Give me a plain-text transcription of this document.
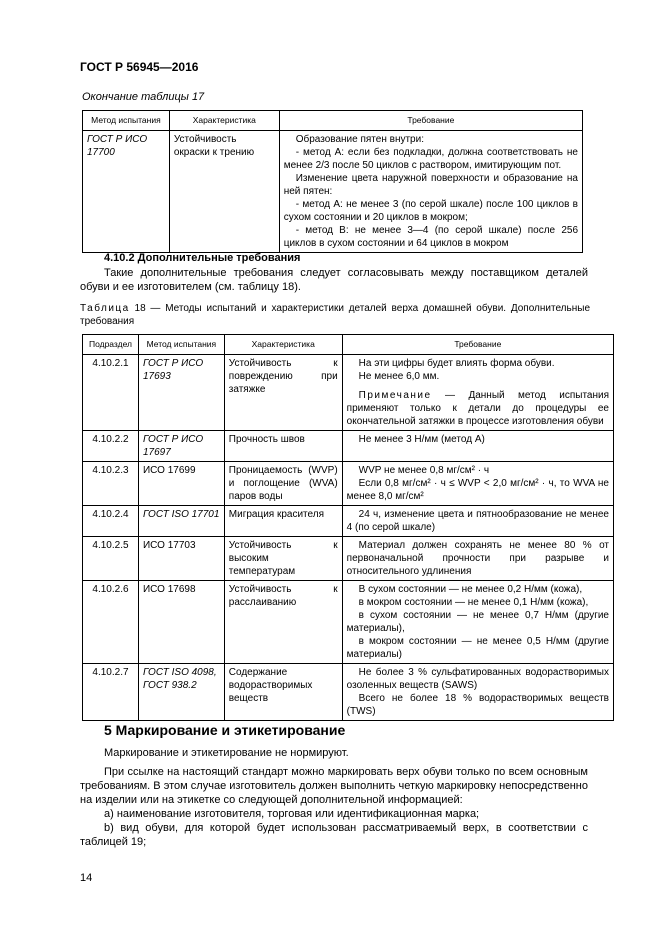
ГОСТ Р 56945—2016
Окончание таблицы 17
Метод испытания	Характеристика	Требование
ГОСТ Р ИСО 17700	Устойчивость окраски к трению	Образование пятен внутри:

- метод А: если без подкладки, должна соответствовать не менее 2/3 после 50 циклов с раствором, имитирующим пот.

Изменение цвета наружной поверхности и образование на ней пятен:

- метод А: не менее 3 (по серой шкале) после 100 циклов в сухом состоянии и 20 циклов в мокром;

- метод В: не менее 3—4 (по серой шкале) после 256 циклов в сухом состоянии и 64 циклов в мокром

4.10.2 Дополнительные требования

Такие дополнительные требования следует согласовывать между поставщиком деталей обуви и ее изготовителем (см. таблицу 18).

Таблица 18 — Методы испытаний и характеристики деталей верха домашней обуви. Дополнительные требования
Подраздел	Метод испытания	Характеристика	Требование
4.10.2.1	ГОСТ Р ИСО 17693	Устойчивость к повреждению при затяжке	На эти цифры будет влиять форма обуви.

Не менее 6,0 мм.

Примечание — Данный метод испытания применяют только к детали до процедуры ее окончательной затяжки в процессе изготовления обуви

4.10.2.2	ГОСТ Р ИСО 17697	Прочность швов	Не менее 3 Н/мм (метод А)

4.10.2.3	ИСО 17699	Проницаемость (WVP) и поглощение (WVA) паров воды	WVP не менее 0,8 мг/см² · ч

Если 0,8 мг/см² · ч ≤ WVP < 2,0 мг/см² · ч, то WVA не менее 8,0 мг/см²

4.10.2.4	ГОСТ ISO 17701	Миграция красителя	24 ч, изменение цвета и пятнообразование не менее 4 (по серой шкале)

4.10.2.5	ИСО 17703	Устойчивость к высоким температурам	Материал должен сохранять не менее 80 % от первоначальной прочности при разрыве и относительного удлинения

4.10.2.6	ИСО 17698	Устойчивость к расслаиванию	В сухом состоянии — не менее 0,2 Н/мм (кожа),

в мокром состоянии — не менее 0,1 Н/мм (кожа),

в сухом состоянии — не менее 0,7 Н/мм (другие материалы),

в мокром состоянии — не менее 0,5 Н/мм (другие материалы)

4.10.2.7	ГОСТ ISO 4098, ГОСТ 938.2	Содержание водорастворимых веществ	Не более 3 % сульфатированных водорастворимых озоленных веществ (SAWS)

Всего не более 18 % водорастворимых веществ (TWS)

5 Маркирование и этикетирование

Маркирование и этикетирование не нормируют.

При ссылке на настоящий стандарт можно маркировать верх обуви только по всем основным требованиям. В этом случае изготовитель должен выполнить четкую маркировку непосредственно на изделии или на этикетке со следующей дополнительной информацией:

а) наименование изготовителя, торговая или идентификационная марка;

b) вид обуви, для которой будет использован рассматриваемый верх, в соответствии с таблицей 19;

14
